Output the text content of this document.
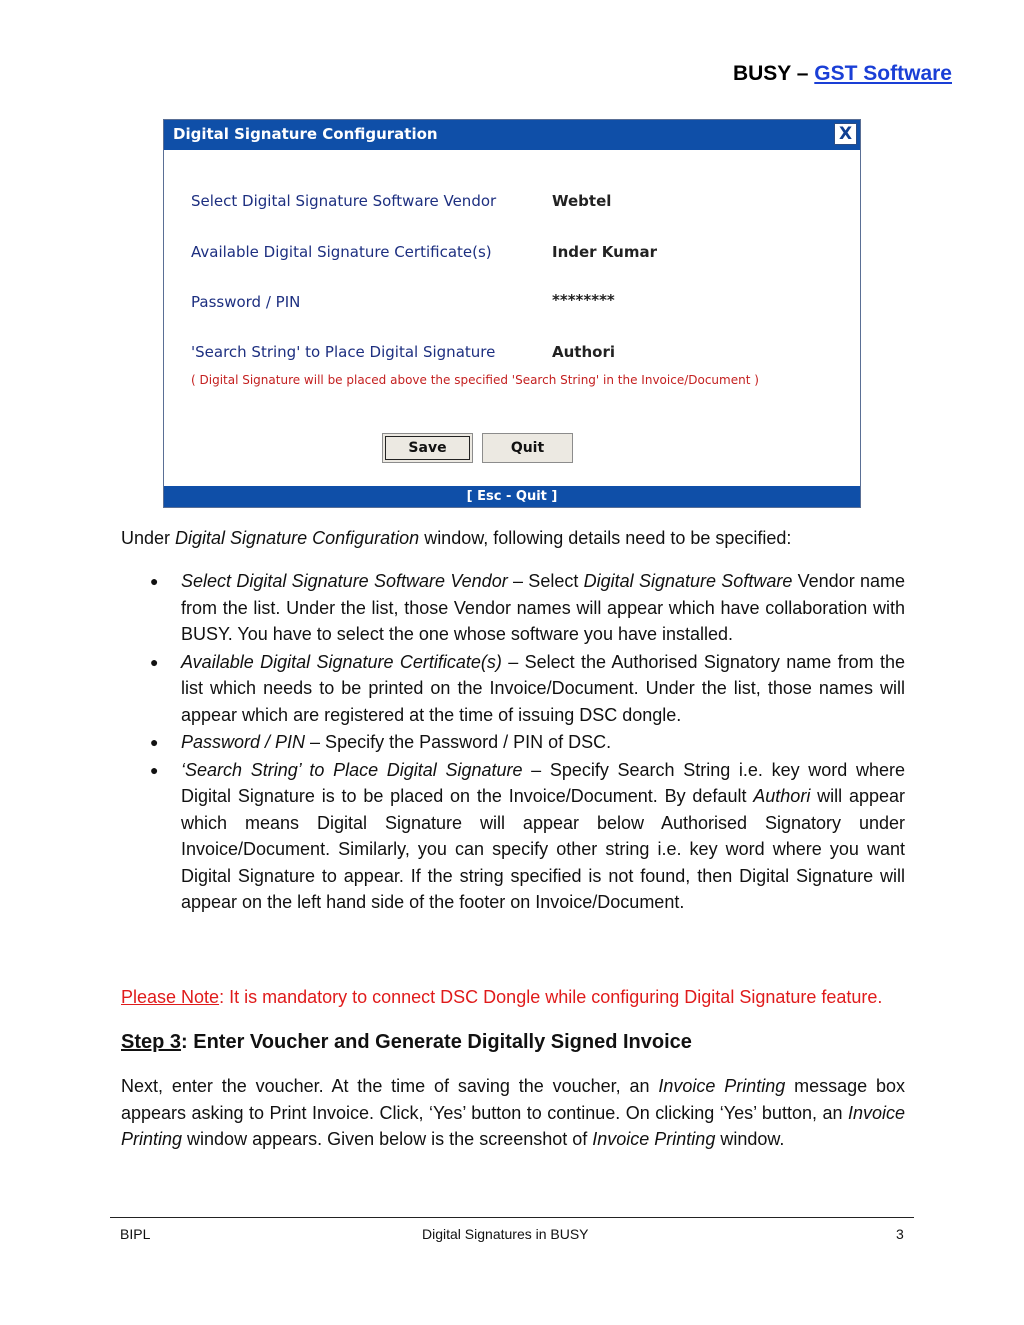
BUSY – GST Software
Digital Signature Configuration	X
Select Digital Signature Software Vendor	Webtel
Available Digital Signature Certificate(s)	Inder Kumar
Password / PIN	********
'Search String' to Place Digital Signature	Authori
( Digital Signature will be placed above the specified 'Search String' in the Invoice/Document )
Save	Quit
[ Esc - Quit ]

Under Digital Signature Configuration window, following details need to be specified:

● Select Digital Signature Software Vendor – Select Digital Signature Software Vendor name from the list. Under the list, those Vendor names will appear which have collaboration with BUSY. You have to select the one whose software you have installed.
● Available Digital Signature Certificate(s) – Select the Authorised Signatory name from the list which needs to be printed on the Invoice/Document. Under the list, those names will appear which are registered at the time of issuing DSC dongle.
● Password / PIN – Specify the Password / PIN of DSC.
● ‘Search String’ to Place Digital Signature – Specify Search String i.e. key word where Digital Signature is to be placed on the Invoice/Document. By default Authori will appear which means Digital Signature will appear below Authorised Signatory under Invoice/Document. Similarly, you can specify other string i.e. key word where you want Digital Signature to appear. If the string specified is not found, then Digital Signature will appear on the left hand side of the footer on Invoice/Document.

Please Note: It is mandatory to connect DSC Dongle while configuring Digital Signature feature.

Step 3: Enter Voucher and Generate Digitally Signed Invoice

Next, enter the voucher. At the time of saving the voucher, an Invoice Printing message box appears asking to Print Invoice. Click, ‘Yes’ button to continue. On clicking ‘Yes’ button, an Invoice Printing window appears. Given below is the screenshot of Invoice Printing window.

BIPL	Digital Signatures in BUSY	3
